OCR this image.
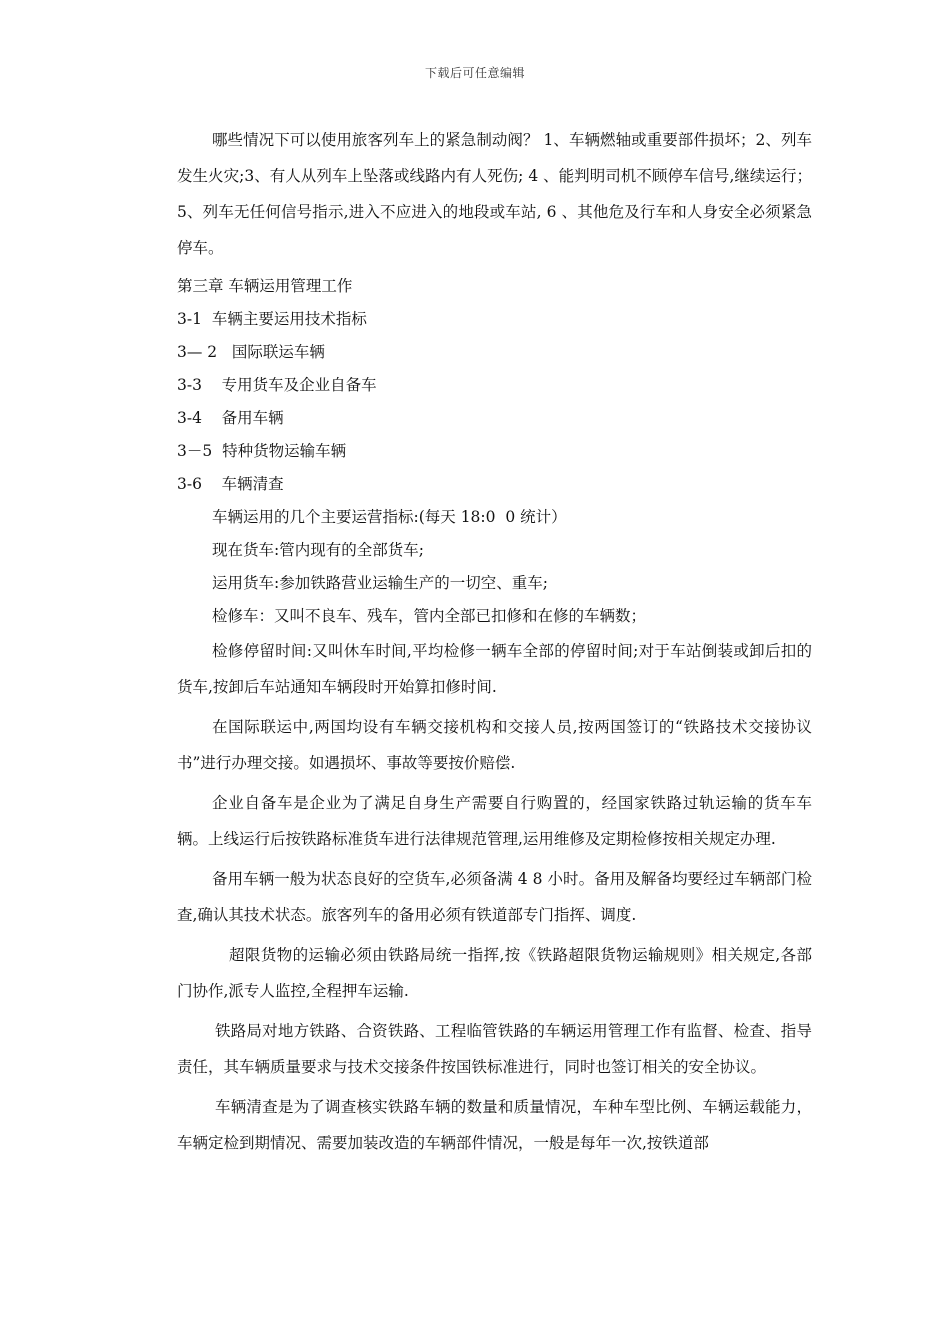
下载后可任意编辑

哪些情况下可以使用旅客列车上的紧急制动阀？ 1、车辆燃轴或重要部件损坏；2、列车发生火灾;3、有人从列车上坠落或线路内有人死伤; 4 、能判明司机不顾停车信号,继续运行；5、列车无任何信号指示,进入不应进入的地段或车站, 6 、其他危及行车和人身安全必须紧急停车。

第三章 车辆运用管理工作

3-1  车辆主要运用技术指标

3— 2   国际联运车辆

3-3    专用货车及企业自备车

3-4    备用车辆

3－5  特种货物运输车辆

3-6    车辆清查

车辆运用的几个主要运营指标:(每天 18:0  0 统计）

现在货车:管内现有的全部货车;

运用货车:参加铁路营业运输生产的一切空、重车;

检修车：又叫不良车、残车，管内全部已扣修和在修的车辆数；

检修停留时间:又叫休车时间,平均检修一辆车全部的停留时间;对于车站倒装或卸后扣的货车,按卸后车站通知车辆段时开始算扣修时间.

在国际联运中,两国均设有车辆交接机构和交接人员,按两国签订的“铁路技术交接协议书”进行办理交接。如遇损坏、事故等要按价赔偿.

企业自备车是企业为了满足自身生产需要自行购置的，经国家铁路过轨运输的货车车辆。上线运行后按铁路标准货车进行法律规范管理,运用维修及定期检修按相关规定办理.

备用车辆一般为状态良好的空货车,必须备满 4 8 小时。备用及解备均要经过车辆部门检查,确认其技术状态。旅客列车的备用必须有铁道部专门指挥、调度.

超限货物的运输必须由铁路局统一指挥,按《铁路超限货物运输规则》相关规定,各部门协作,派专人监控,全程押车运输.

铁路局对地方铁路、合资铁路、工程临管铁路的车辆运用管理工作有监督、检查、指导责任，其车辆质量要求与技术交接条件按国铁标准进行，同时也签订相关的安全协议。

车辆清查是为了调查核实铁路车辆的数量和质量情况，车种车型比例、车辆运载能力，车辆定检到期情况、需要加装改造的车辆部件情况，一般是每年一次,按铁道部
